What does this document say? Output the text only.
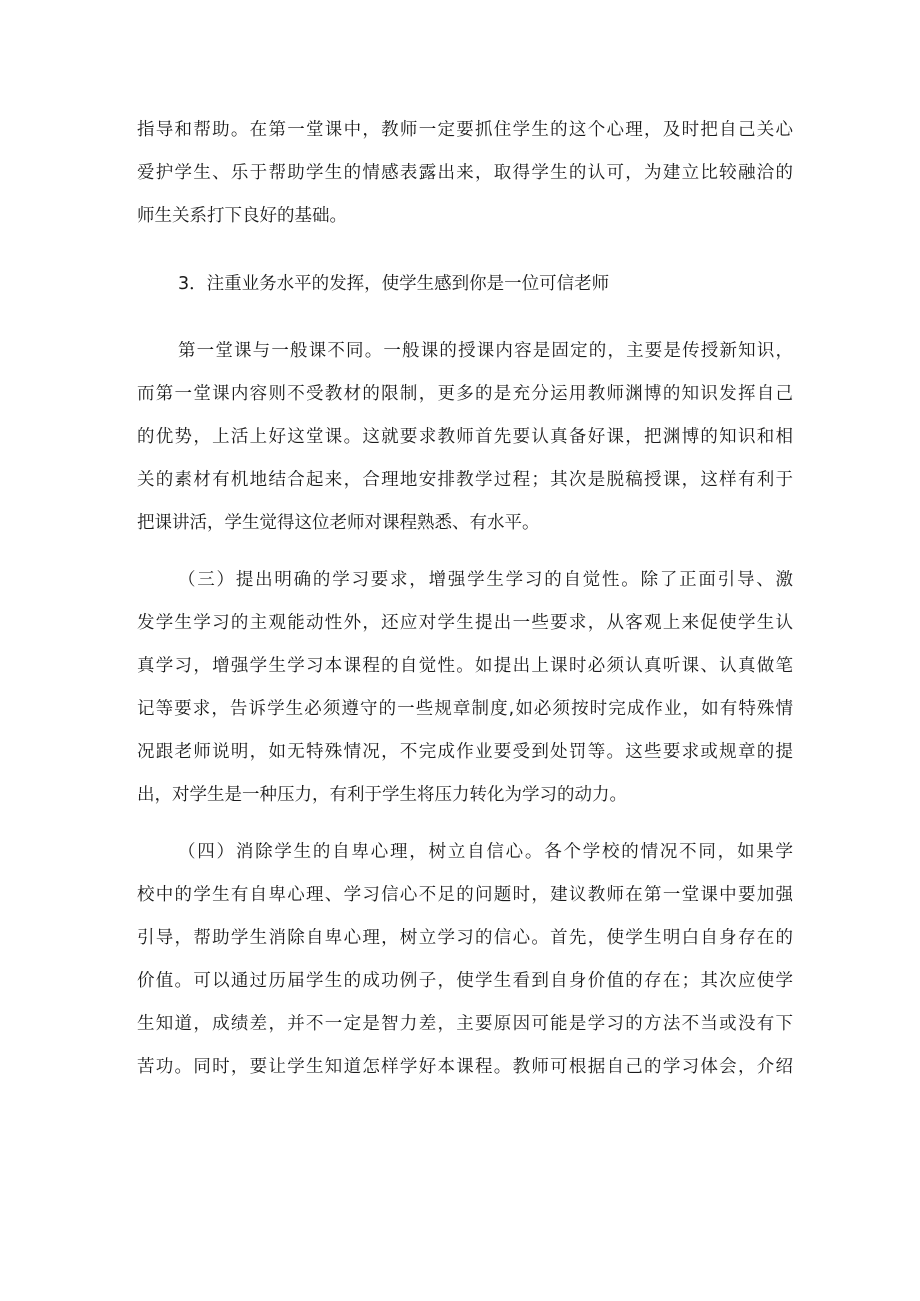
指导和帮助。在第一堂课中，教师一定要抓住学生的这个心理，及时把自己关心
爱护学生、乐于帮助学生的情感表露出来，取得学生的认可，为建立比较融洽的
师生关系打下良好的基础。
3．注重业务水平的发挥，使学生感到你是一位可信老师
第一堂课与一般课不同。一般课的授课内容是固定的，主要是传授新知识，
而第一堂课内容则不受教材的限制，更多的是充分运用教师渊博的知识发挥自己
的优势，上活上好这堂课。这就要求教师首先要认真备好课，把渊博的知识和相
关的素材有机地结合起来，合理地安排教学过程；其次是脱稿授课，这样有利于
把课讲活，学生觉得这位老师对课程熟悉、有水平。
（三）提出明确的学习要求，增强学生学习的自觉性。除了正面引导、激
发学生学习的主观能动性外，还应对学生提出一些要求，从客观上来促使学生认
真学习，增强学生学习本课程的自觉性。如提出上课时必须认真听课、认真做笔
记等要求，告诉学生必须遵守的一些规章制度,如必须按时完成作业，如有特殊情
况跟老师说明，如无特殊情况，不完成作业要受到处罚等。这些要求或规章的提
出，对学生是一种压力，有利于学生将压力转化为学习的动力。
（四）消除学生的自卑心理，树立自信心。各个学校的情况不同，如果学
校中的学生有自卑心理、学习信心不足的问题时，建议教师在第一堂课中要加强
引导，帮助学生消除自卑心理，树立学习的信心。首先，使学生明白自身存在的
价值。可以通过历届学生的成功例子，使学生看到自身价值的存在；其次应使学
生知道，成绩差，并不一定是智力差，主要原因可能是学习的方法不当或没有下
苦功。同时，要让学生知道怎样学好本课程。教师可根据自己的学习体会，介绍
